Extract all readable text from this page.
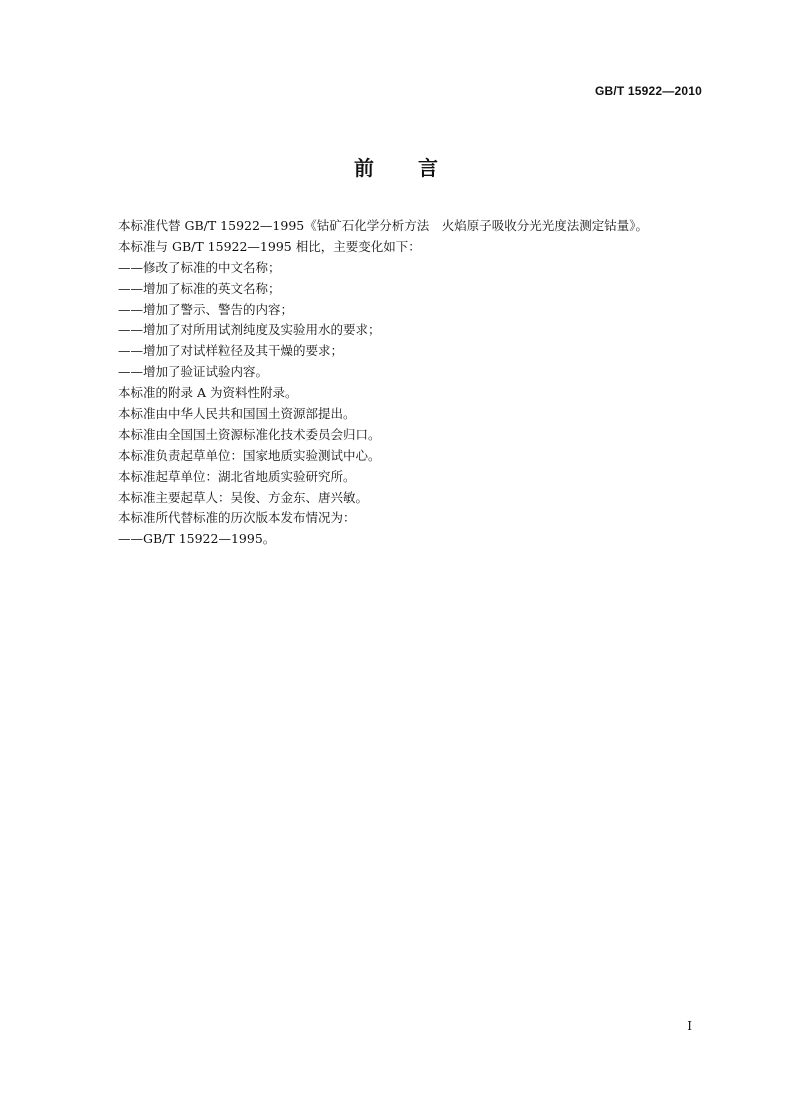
GB/T 15922—2010
前言
本标准代替 GB/T 15922—1995《钴矿石化学分析方法　火焰原子吸收分光光度法测定钴量》。
本标准与 GB/T 15922—1995 相比，主要变化如下：
——修改了标准的中文名称；
——增加了标准的英文名称；
——增加了警示、警告的内容；
——增加了对所用试剂纯度及实验用水的要求；
——增加了对试样粒径及其干燥的要求；
——增加了验证试验内容。
本标准的附录 A 为资料性附录。
本标准由中华人民共和国国土资源部提出。
本标准由全国国土资源标准化技术委员会归口。
本标准负责起草单位：国家地质实验测试中心。
本标准起草单位：湖北省地质实验研究所。
本标准主要起草人：吴俊、方金东、唐兴敏。
本标准所代替标准的历次版本发布情况为：
——GB/T 15922—1995。
I
